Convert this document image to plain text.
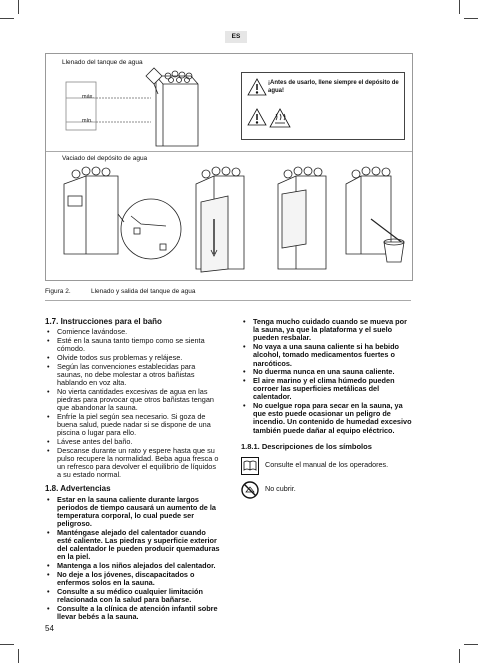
ES
Llenado del tanque de agua
máx.
mín.
Vaciado del depósito de agua
¡Antes de usarlo, llene siempre el depósito de agua!
Figura 2.	Llenado y salida del tanque de agua
1.7. Instrucciones para el baño
• Comience lavándose.
• Esté en la sauna tanto tiempo como se sienta cómodo.
• Olvide todos sus problemas y relájese.
• Según las convenciones establecidas para saunas, no debe molestar a otros bañistas hablando en voz alta.
• No vierta cantidades excesivas de agua en las piedras para provocar que otros bañistas tengan que abandonar la sauna.
• Enfríe la piel según sea necesario. Si goza de buena salud, puede nadar si se dispone de una piscina o lugar para ello.
• Lávese antes del baño.
• Descanse durante un rato y espere hasta que su pulso recupere la normalidad. Beba agua fresca o un refresco para devolver el equilibrio de líquidos a su estado normal.
1.8. Advertencias
• Estar en la sauna caliente durante largos periodos de tiempo causará un aumento de la temperatura corporal, lo cual puede ser peligroso.
• Manténgase alejado del calentador cuando esté caliente. Las piedras y superficie exterior del calentador le pueden producir quemaduras en la piel.
• Mantenga a los niños alejados del calentador.
• No deje a los jóvenes, discapacitados o enfermos solos en la sauna.
• Consulte a su médico cualquier limitación relacionada con la salud para bañarse.
• Consulte a la clínica de atención infantil sobre llevar bebés a la sauna.
• Tenga mucho cuidado cuando se mueva por la sauna, ya que la plataforma y el suelo pueden resbalar.
• No vaya a una sauna caliente si ha bebido alcohol, tomado medicamentos fuertes o narcóticos.
• No duerma nunca en una sauna caliente.
• El aire marino y el clima húmedo pueden corroer las superficies metálicas del calentador.
• No cuelgue ropa para secar en la sauna, ya que esto puede ocasionar un peligro de incendio. Un contenido de humedad excesivo también puede dañar al equipo eléctrico.
1.8.1. Descripciones de los símbolos
Consulte el manual de los operadores.
No cubrir.
54
